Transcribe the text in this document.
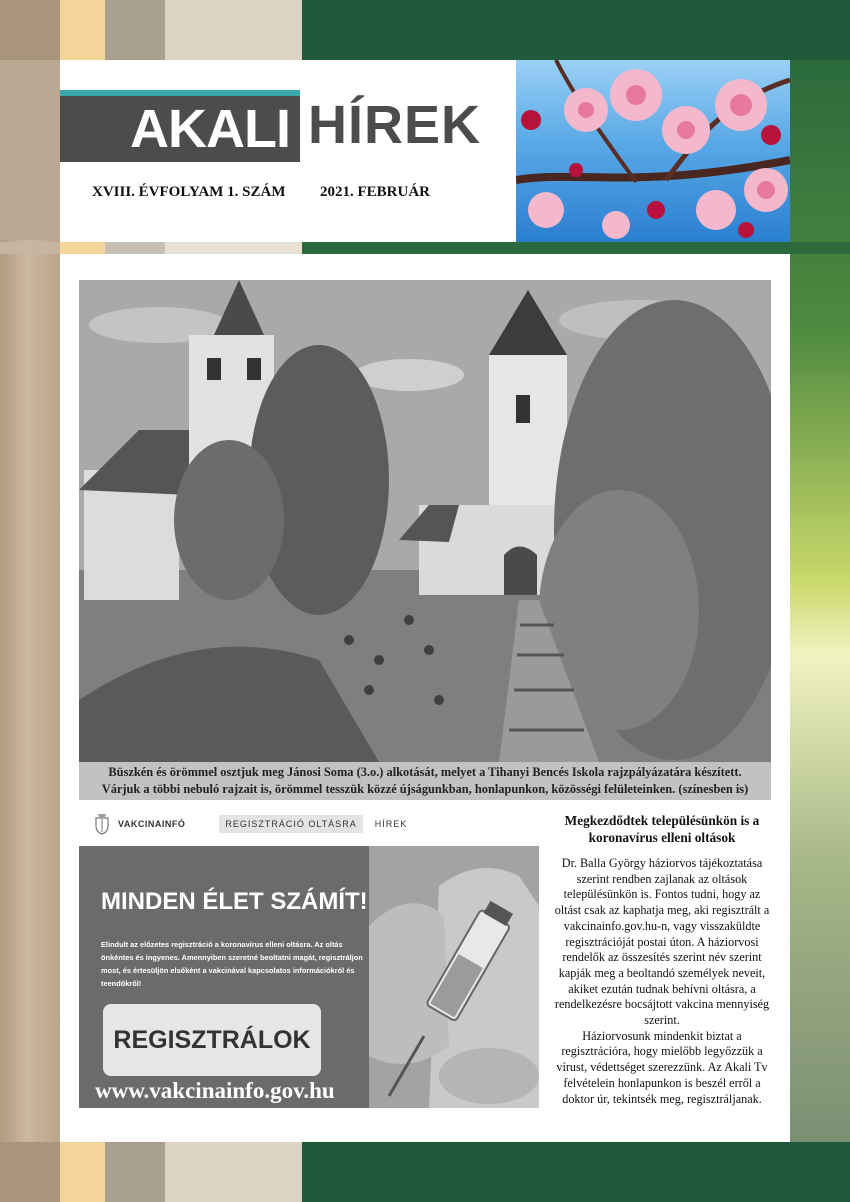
AKALI HÍREK
XVIII. ÉVFOLYAM 1. SZÁM 2021. FEBRUÁR
Büszkén és örömmel osztjuk meg Jánosi Soma (3.o.) alkotását, melyet a Tihanyi Bencés Iskola rajzpályázatára készített.
Várjuk a többi nebuló rajzait is, örömmel tesszük közzé újságunkban, honlapunkon, közösségi felületeinken. (színesben is)
VAKCINAINFÓ	REGISZTRÁCIÓ OLTÁSRA	HÍREK
MINDEN ÉLET SZÁMÍT!
Elindult az előzetes regisztráció a koronavírus elleni oltásra. Az oltás önkéntes és ingyenes. Amennyiben szeretné beoltatni magát, regisztráljon most, és értesüljön elsőként a vakcinával kapcsolatos információkról és teendőkről!
REGISZTRÁLOK
www.vakcinainfo.gov.hu
Megkezdődtek településünkön is a
koronavírus elleni oltások

Dr. Balla György háziorvos tájékoztatása szerint rendben zajlanak az oltások településünkön is. Fontos tudni, hogy az oltást csak az kaphatja meg, aki regisztrált a vakcinainfo.gov.hu-n, vagy visszaküldte regisztrációját postai úton. A háziorvosi rendelők az összesítés szerint név szerint kapják meg a beoltandó személyek neveit, akiket ezután tudnak behívni oltásra, a rendelkezésre bocsájtott vakcina mennyiség szerint.

Háziorvosunk mindenkit biztat a regisztrációra, hogy mielőbb legyőzzük a vírust, védettséget szerezzünk. Az Akali Tv felvételein honlapunkon is beszél erről a doktor úr, tekintsék meg, regisztráljanak.
